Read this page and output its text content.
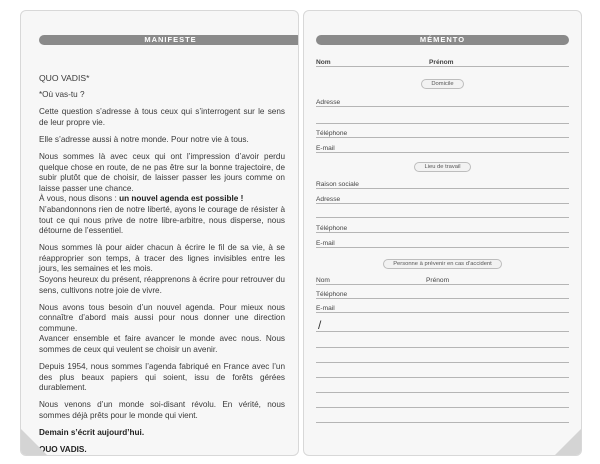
MANIFESTE

QUO VADIS*

*Où vas-tu ?

Cette question s’adresse à tous ceux qui s’interrogent sur le sens de leur propre vie.

Elle s’adresse aussi à notre monde. Pour notre vie à tous.

Nous sommes là avec ceux qui ont l’impression d’avoir perdu quelque chose en route, de ne pas être sur la bonne trajectoire, de subir plutôt que de choisir, de laisser passer les jours comme on laisse passer une chance.
À vous, nous disons : un nouvel agenda est possible !
N’abandonnons rien de notre liberté, ayons le courage de résister à tout ce qui nous prive de notre libre-arbitre, nous disperse, nous détourne de l’essentiel.

Nous sommes là pour aider chacun à écrire le fil de sa vie, à se réapproprier son temps, à tracer des lignes invisibles entre les jours, les semaines et les mois.
Soyons heureux du présent, réapprenons à écrire pour retrouver du sens, cultivons notre joie de vivre.

Nous avons tous besoin d’un nouvel agenda. Pour mieux nous connaître d’abord mais aussi pour nous donner une direction commune.
Avancer ensemble et faire avancer le monde avec nous. Nous sommes de ceux qui veulent se choisir un avenir.

Depuis 1954, nous sommes l’agenda fabriqué en France avec l’un des plus beaux papiers qui soient, issu de forêts gérées durablement.

Nous venons d’un monde soi-disant révolu. En vérité, nous sommes déjà prêts pour le monde qui vient.

Demain s’écrit aujourd’hui.

QUO VADIS.

MÉMENTO
Nom	Prénom
Domicile
Adresse
Téléphone
E-mail
Lieu de travail
Raison sociale
Adresse
Téléphone
E-mail
Personne à prévenir en cas d’accident
Nom	Prénom
Téléphone
E-mail
/
